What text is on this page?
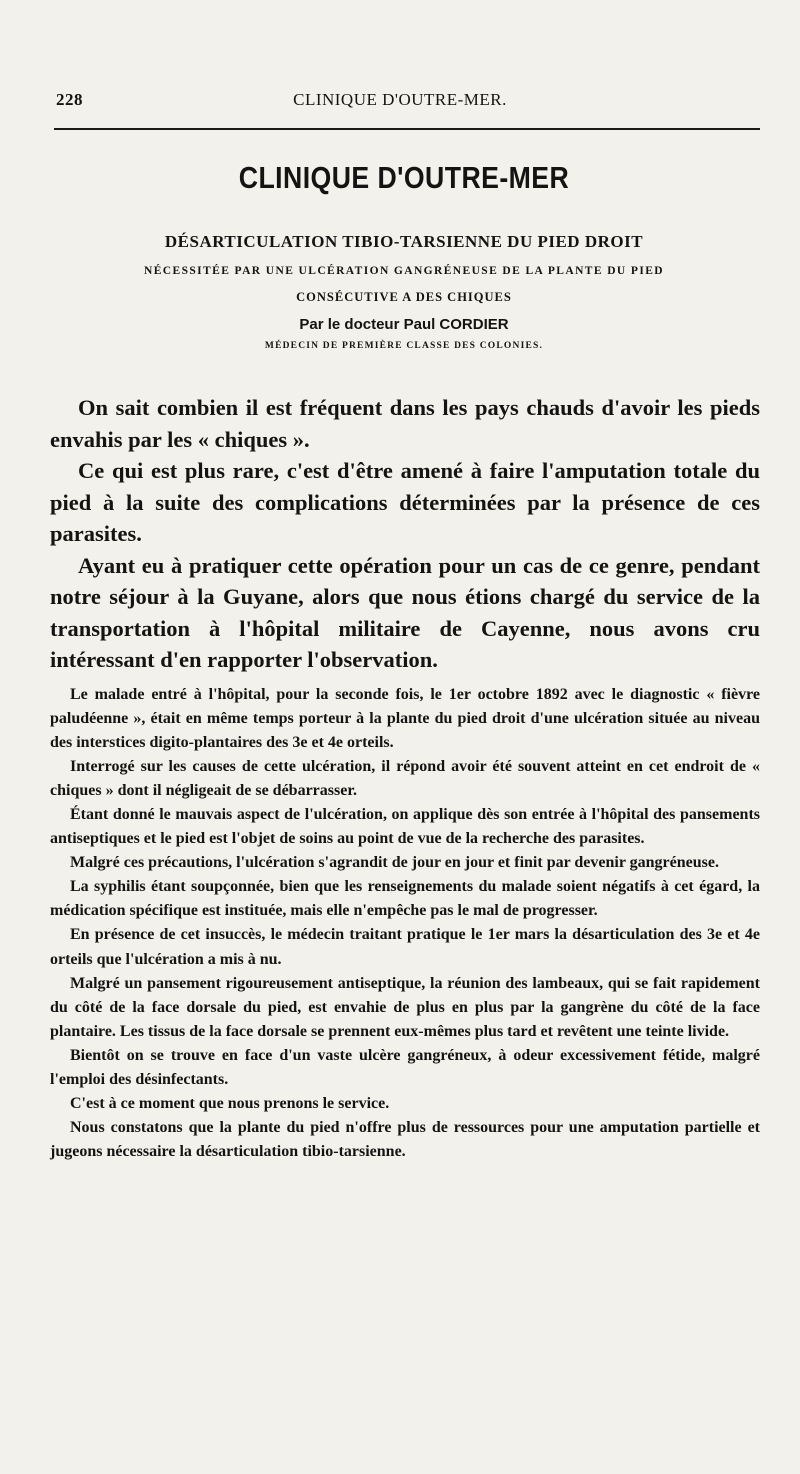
228	CLINIQUE D'OUTRE-MER.
CLINIQUE D'OUTRE-MER
DÉSARTICULATION TIBIO-TARSIENNE DU PIED DROIT
NÉCESSITÉE PAR UNE ULCÉRATION GANGRÉNEUSE DE LA PLANTE DU PIED
CONSÉCUTIVE A DES CHIQUES
Par le docteur Paul CORDIER
MÉDECIN DE PREMIÈRE CLASSE DES COLONIES.

On sait combien il est fréquent dans les pays chauds d'avoir les pieds envahis par les « chiques ».

Ce qui est plus rare, c'est d'être amené à faire l'amputation totale du pied à la suite des complications déterminées par la présence de ces parasites.

Ayant eu à pratiquer cette opération pour un cas de ce genre, pendant notre séjour à la Guyane, alors que nous étions chargé du service de la transportation à l'hôpital militaire de Cayenne, nous avons cru intéressant d'en rapporter l'observation.

Le malade entré à l'hôpital, pour la seconde fois, le 1er octobre 1892 avec le diagnostic « fièvre paludéenne », était en même temps porteur à la plante du pied droit d'une ulcération située au niveau des interstices digito-plantaires des 3e et 4e orteils.

Interrogé sur les causes de cette ulcération, il répond avoir été souvent atteint en cet endroit de « chiques » dont il négligeait de se débarrasser.

Étant donné le mauvais aspect de l'ulcération, on applique dès son entrée à l'hôpital des pansements antiseptiques et le pied est l'objet de soins au point de vue de la recherche des parasites.

Malgré ces précautions, l'ulcération s'agrandit de jour en jour et finit par devenir gangréneuse.

La syphilis étant soupçonnée, bien que les renseignements du malade soient négatifs à cet égard, la médication spécifique est instituée, mais elle n'empêche pas le mal de progresser.

En présence de cet insuccès, le médecin traitant pratique le 1er mars la désarticulation des 3e et 4e orteils que l'ulcération a mis à nu.

Malgré un pansement rigoureusement antiseptique, la réunion des lambeaux, qui se fait rapidement du côté de la face dorsale du pied, est envahie de plus en plus par la gangrène du côté de la face plantaire. Les tissus de la face dorsale se prennent eux-mêmes plus tard et revêtent une teinte livide.

Bientôt on se trouve en face d'un vaste ulcère gangréneux, à odeur excessivement fétide, malgré l'emploi des désinfectants.

C'est à ce moment que nous prenons le service.

Nous constatons que la plante du pied n'offre plus de ressources pour une amputation partielle et jugeons nécessaire la désarticulation tibio-tarsienne.
